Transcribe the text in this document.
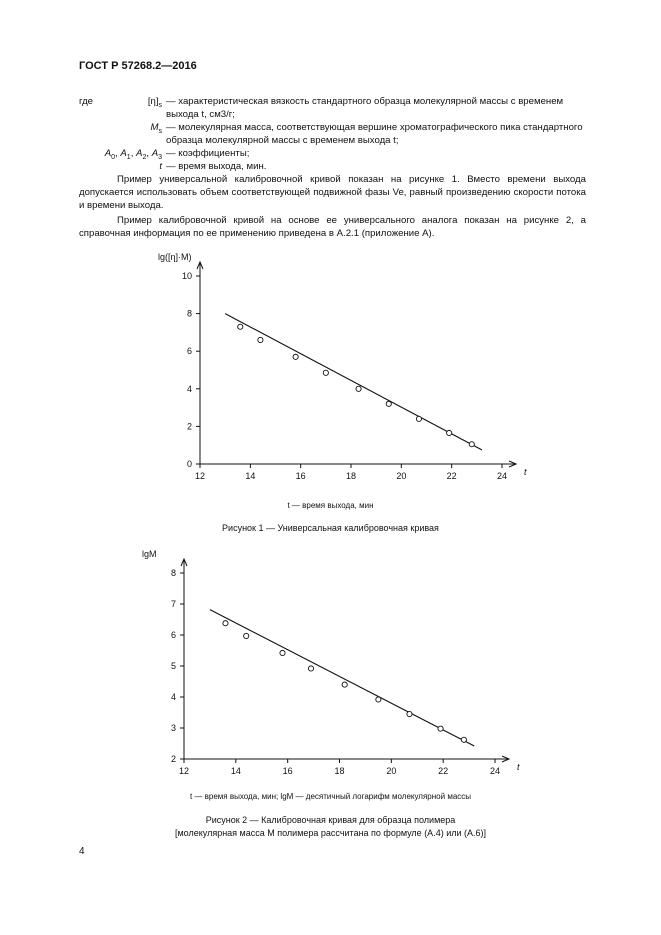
ГОСТ Р 57268.2—2016
где	$[\eta]_s$ — характеристическая вязкость стандартного образца молекулярной массы с временем выхода t, см3/г;
$M_s$ — молекулярная масса, соответствующая вершине хроматографического пика стандартного образца молекулярной массы с временем выхода t;
$A_0$, $A_1$, $A_2$, $A_3$ — коэффициенты;
t — время выхода, мин.
Пример универсальной калибровочной кривой показан на рисунке 1. Вместо времени выхода допускается использовать объем соответствующей подвижной фазы Ve, равный произведению скорости потока и времени выхода.
Пример калибровочной кривой на основе ее универсального аналога показан на рисунке 2, а справочная информация по ее применению приведена в А.2.1 (приложение А).
12	14	16	18	20	22	24
0
2
4
6
8
10
lg([η]·M)
t
t — время выхода, мин
Рисунок 1 — Универсальная калибровочная кривая
12	14	16	18	20	22	24
2
3
4
5
6
7
8
lgM
t
t — время выхода, мин; lgM — десятичный логарифм молекулярной массы
Рисунок 2 — Калибровочная кривая для образца полимера
[молекулярная масса M полимера рассчитана по формуле (А.4) или (А.6)]
4
